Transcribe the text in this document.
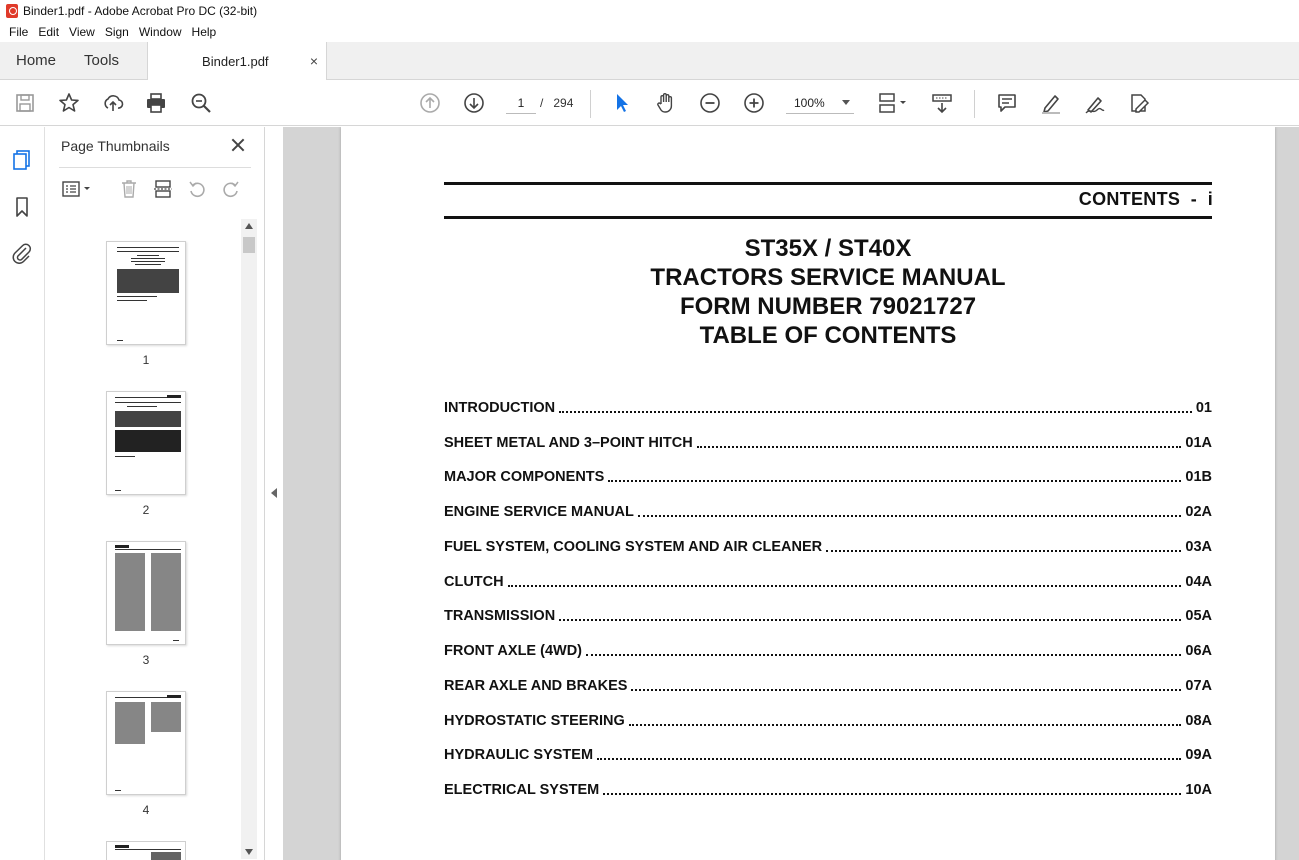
Binder1.pdf - Adobe Acrobat Pro DC (32-bit)
File Edit View Sign Window Help
Home	Tools	Binder1.pdf	×
1
/ 294	100%
Page Thumbnails
1
2
3
4
CONTENTS  -  i
ST35X / ST40X
TRACTORS SERVICE MANUAL
FORM NUMBER 79021727
TABLE OF CONTENTS
INTRODUCTION	01
SHEET METAL AND 3–POINT HITCH	01A
MAJOR COMPONENTS	01B
ENGINE SERVICE MANUAL	02A
FUEL SYSTEM, COOLING SYSTEM AND AIR CLEANER	03A
CLUTCH	04A
TRANSMISSION	05A
FRONT AXLE (4WD)	06A
REAR AXLE AND BRAKES	07A
HYDROSTATIC STEERING	08A
HYDRAULIC SYSTEM	09A
ELECTRICAL SYSTEM	10A
